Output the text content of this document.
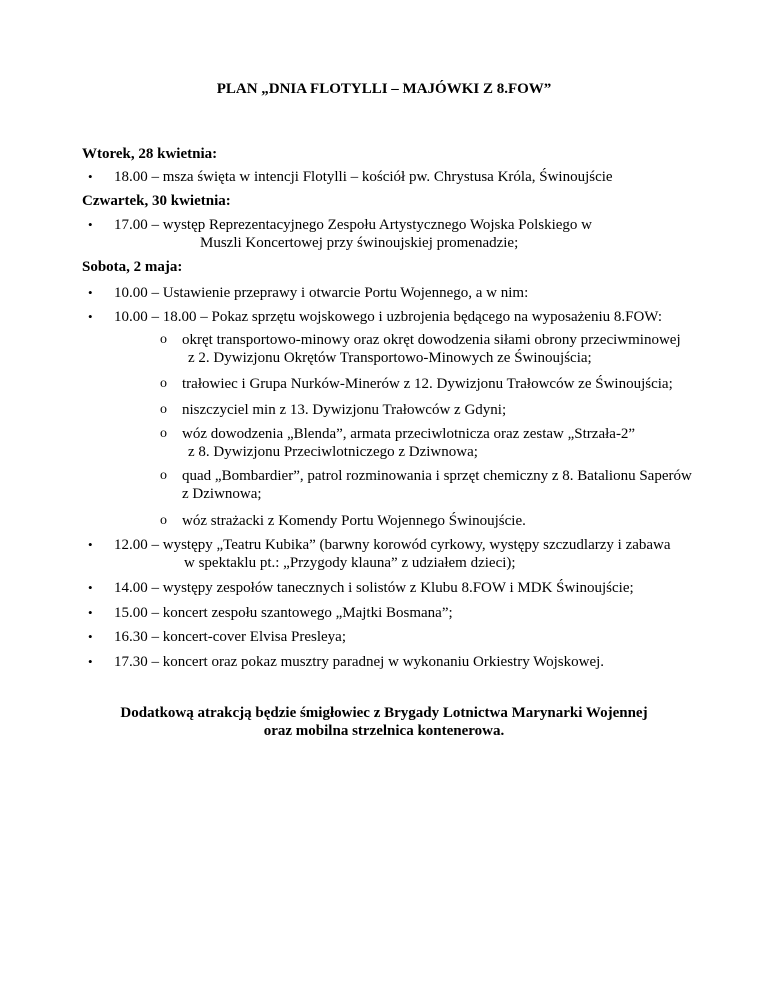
PLAN „DNIA FLOTYLLI – MAJÓWKI Z 8.FOW”
Wtorek, 28 kwietnia:
• 18.00 – msza święta w intencji Flotylli – kościół pw. Chrystusa Króla, Świnoujście
Czwartek, 30 kwietnia:
• 17.00 – występ Reprezentacyjnego Zespołu Artystycznego Wojska Polskiego w
Muszli Koncertowej przy świnoujskiej promenadzie;
Sobota, 2 maja:
• 10.00 – Ustawienie przeprawy i otwarcie Portu Wojennego, a w nim:
• 10.00 – 18.00 – Pokaz sprzętu wojskowego i uzbrojenia będącego na wyposażeniu 8.FOW:
o okręt transportowo-minowy oraz okręt dowodzenia siłami obrony przeciwminowej
z 2. Dywizjonu Okrętów Transportowo-Minowych ze Świnoujścia;
o trałowiec i Grupa Nurków-Minerów z 12. Dywizjonu Trałowców ze Świnoujścia;
o niszczyciel min z 13. Dywizjonu Trałowców z Gdyni;
o wóz dowodzenia „Blenda”, armata przeciwlotnicza oraz zestaw „Strzała-2”
z 8. Dywizjonu Przeciwlotniczego z Dziwnowa;
o quad „Bombardier”, patrol rozminowania i sprzęt chemiczny z 8. Batalionu Saperów
z Dziwnowa;
o wóz strażacki z Komendy Portu Wojennego Świnoujście.
• 12.00 – występy „Teatru Kubika” (barwny korowód cyrkowy, występy szczudlarzy i zabawa
w spektaklu pt.: „Przygody klauna” z udziałem dzieci);
• 14.00 – występy zespołów tanecznych i solistów z Klubu 8.FOW i MDK Świnoujście;
• 15.00 – koncert zespołu szantowego „Majtki Bosmana”;
• 16.30 – koncert-cover Elvisa Presleya;
• 17.30 – koncert oraz pokaz musztry paradnej w wykonaniu Orkiestry Wojskowej.
Dodatkową atrakcją będzie śmigłowiec z Brygady Lotnictwa Marynarki Wojennej
oraz mobilna strzelnica kontenerowa.
